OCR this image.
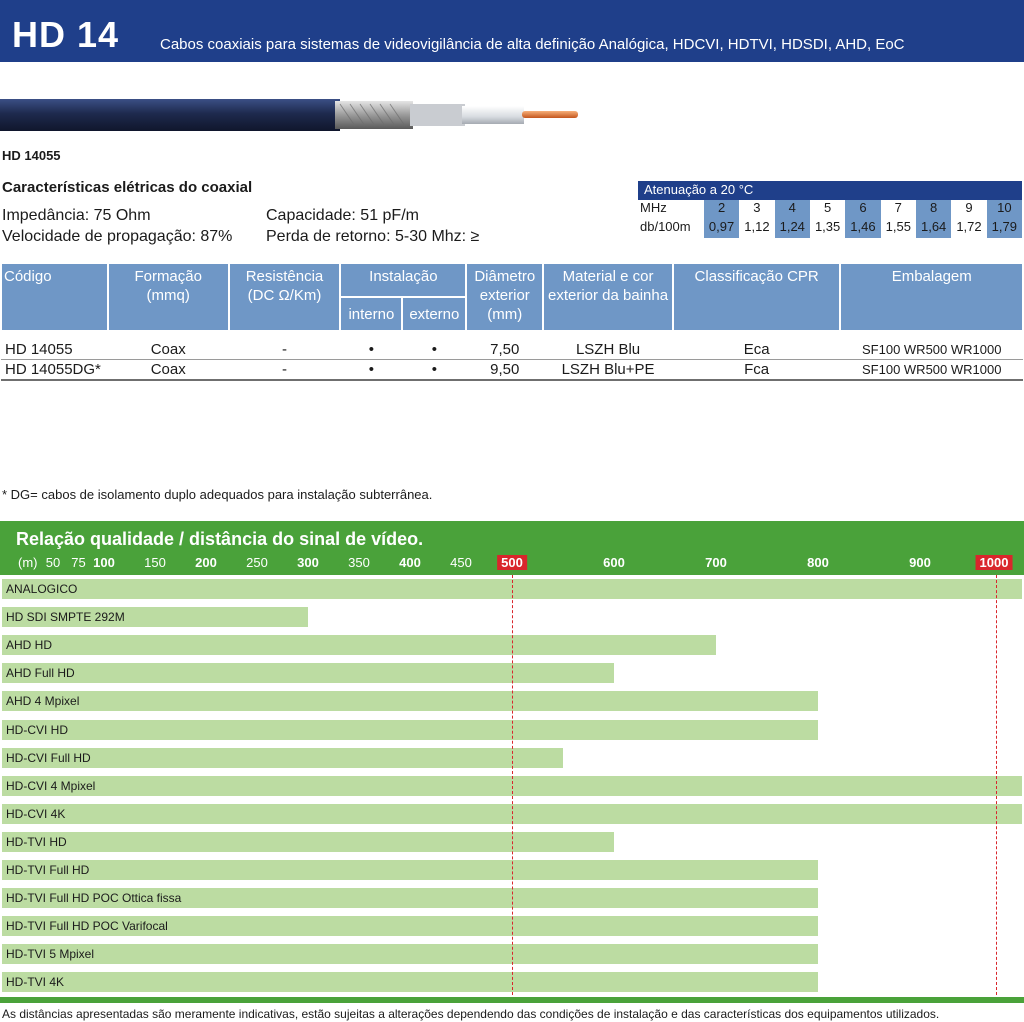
HD 14	Cabos coaxiais para sistemas de videovigilância de alta definição Analógica, HDCVI, HDTVI, HDSDI, AHD, EoC
HD 14055
Características elétricas do coaxial
Impedância: 75 Ohm	Capacidade: 51 pF/m
Velocidade de propagação: 87% Perda de retorno: 5-30 Mhz: ≥
Atenuação a 20 °C
MHz	2	3	4	5	6	7	8	9	10
db/100m	0,97 1,12 1,24 1,35 1,46 1,55 1,64 1,72 1,79
Código	Formação (mmq)	Resistência (DC Ω/Km)	Instalação		Diâmetro exterior (mm)	Material e cor exterior da bainha	Classificação CPR	Embalagem
			interno	externo				
HD 14055	Coax	-	•	•	7,50	LSZH Blu	Eca	SF100 WR500 WR1000
HD 14055DG*	Coax	-	•	•	9,50	LSZH Blu+PE	Fca	SF100 WR500 WR1000
* DG= cabos de isolamento duplo adequados para instalação subterrânea.
Relação qualidade / distância do sinal de vídeo.
(m) 50 75 100 150 200 250 300 350 400 450	500	600	700	800	900	1000
As distâncias apresentadas são meramente indicativas, estão sujeitas a alterações dependendo das condições de instalação e das características dos equipamentos utilizados.
ANALOGICO
HD SDI SMPTE 292M
AHD HD
AHD Full HD
AHD 4 Mpixel
HD-CVI HD
HD-CVI Full HD
HD-CVI 4 Mpixel
HD-CVI 4K
HD-TVI HD
HD-TVI Full HD
HD-TVI Full HD POC Ottica fissa
HD-TVI Full HD POC Varifocal
HD-TVI 5 Mpixel
HD-TVI 4K
